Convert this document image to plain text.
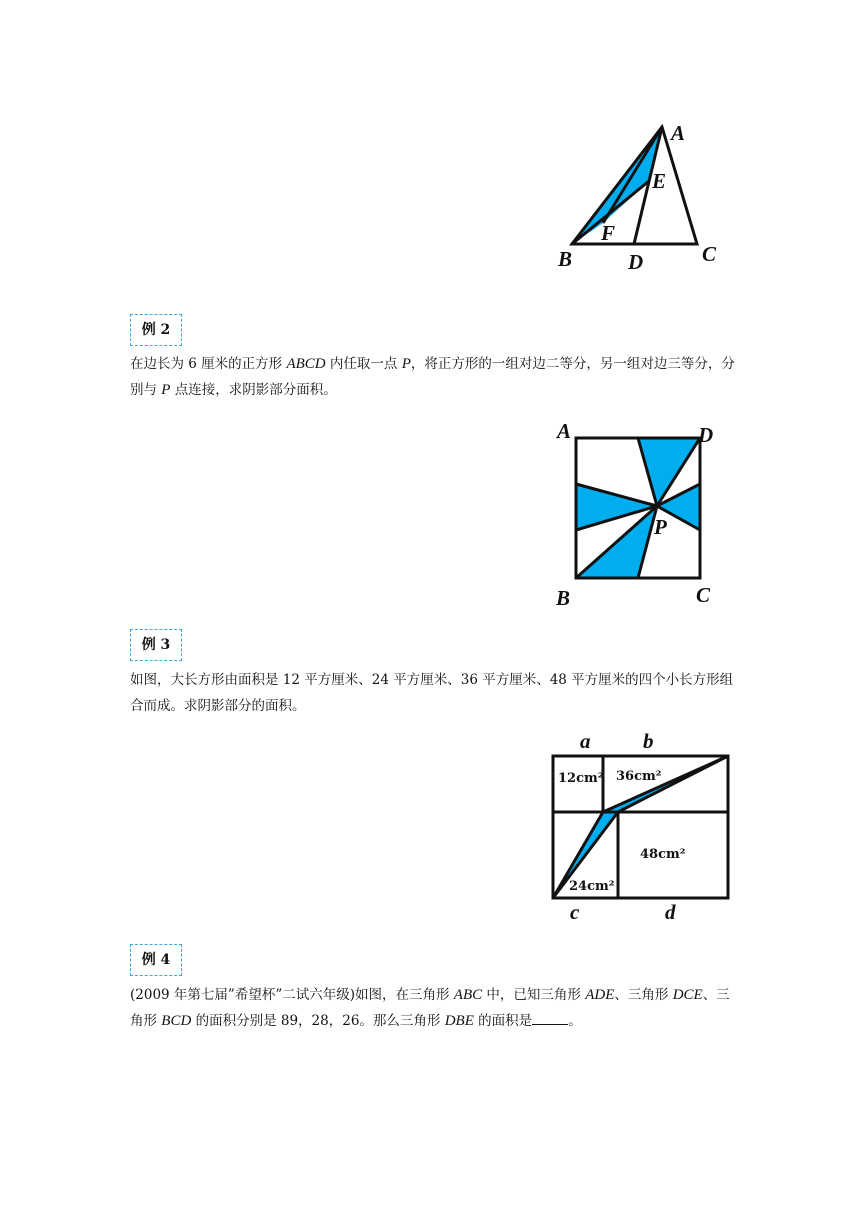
A
E
F
B	D	C
例 2

在边长为 6 厘米的正方形 ABCD 内任取一点 P，将正方形的一组对边二等分，另一组对边三等分，分别与 P 点连接，求阴影部分面积。

A	D
P
B	C
例 3

如图，大长方形由面积是 12 平方厘米、24 平方厘米、36 平方厘米、48 平方厘米的四个小长方形组合而成。求阴影部分的面积。

a	b
c	d
12cm² 36cm²
48cm²
24cm²
例 4

(2009 年第七届”希望杯”二试六年级)如图，在三角形 ABC 中，已知三角形 ADE、三角形 DCE、三角形 BCD 的面积分别是 89，28，26。那么三角形 DBE 的面积是	。
